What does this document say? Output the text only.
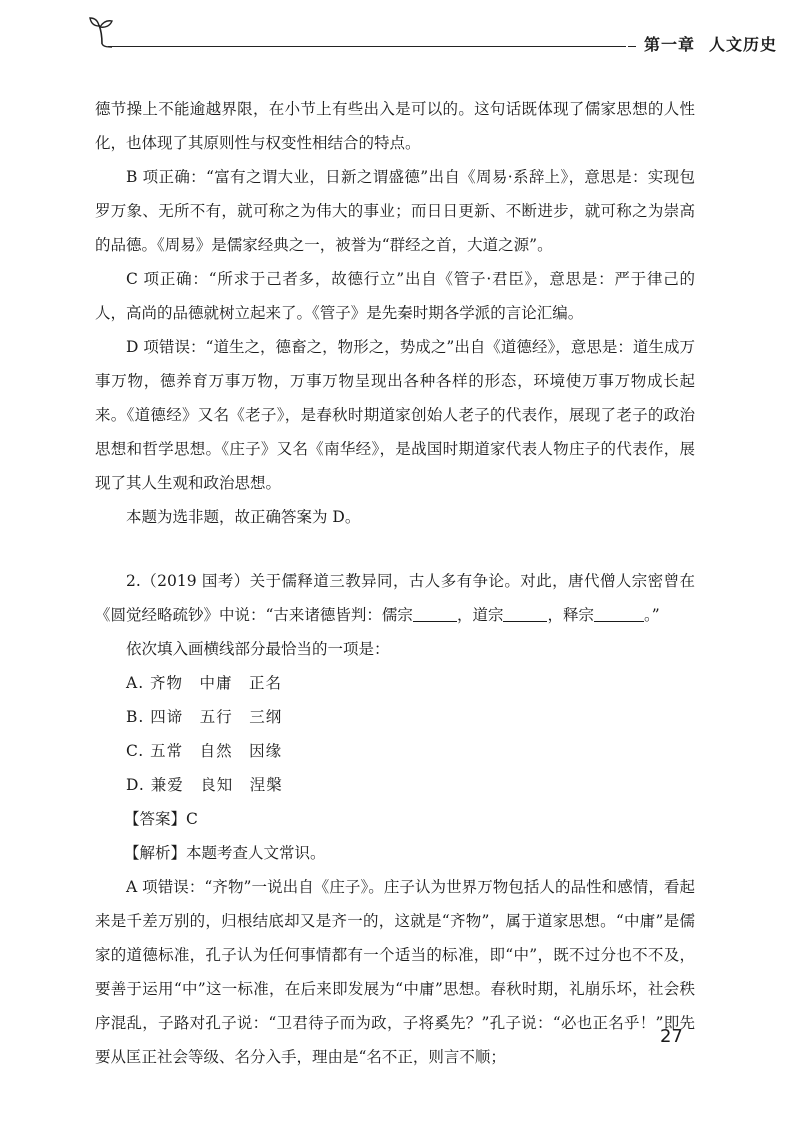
第一章 人文历史

德节操上不能逾越界限，在小节上有些出入是可以的。这句话既体现了儒家思想的人性化，也体现了其原则性与权变性相结合的特点。

B 项正确：“富有之谓大业，日新之谓盛德”出自《周易·系辞上》，意思是：实现包罗万象、无所不有，就可称之为伟大的事业；而日日更新、不断进步，就可称之为崇高的品德。《周易》是儒家经典之一，被誉为“群经之首，大道之源”。

C 项正确：“所求于己者多，故德行立”出自《管子·君臣》，意思是：严于律己的人，高尚的品德就树立起来了。《管子》是先秦时期各学派的言论汇编。

D 项错误：“道生之，德畜之，物形之，势成之”出自《道德经》，意思是：道生成万事万物，德养育万事万物，万事万物呈现出各种各样的形态，环境使万事万物成长起来。《道德经》又名《老子》，是春秋时期道家创始人老子的代表作，展现了老子的政治思想和哲学思想。《庄子》又名《南华经》，是战国时期道家代表人物庄子的代表作，展现了其人生观和政治思想。

本题为选非题，故正确答案为 D。

2.（2019 国考）关于儒释道三教异同，古人多有争论。对此，唐代僧人宗密曾在《圆觉经略疏钞》中说：“古来诸德皆判：儒宗	，道宗	，释宗	。”

依次填入画横线部分最恰当的一项是：

A. 齐物　中庸　正名

B. 四谛　五行　三纲

C. 五常　自然　因缘

D. 兼爱　良知　涅槃

【答案】C

【解析】本题考查人文常识。

A 项错误：“齐物”一说出自《庄子》。庄子认为世界万物包括人的品性和感情，看起来是千差万别的，归根结底却又是齐一的，这就是“齐物”，属于道家思想。“中庸”是儒家的道德标准，孔子认为任何事情都有一个适当的标准，即“中”，既不过分也不不及，要善于运用“中”这一标准，在后来即发展为“中庸”思想。春秋时期，礼崩乐坏，社会秩序混乱，子路对孔子说：“卫君待子而为政，子将奚先？”孔子说：“必也正名乎！”即先要从匡正社会等级、名分入手，理由是“名不正，则言不顺；

27
